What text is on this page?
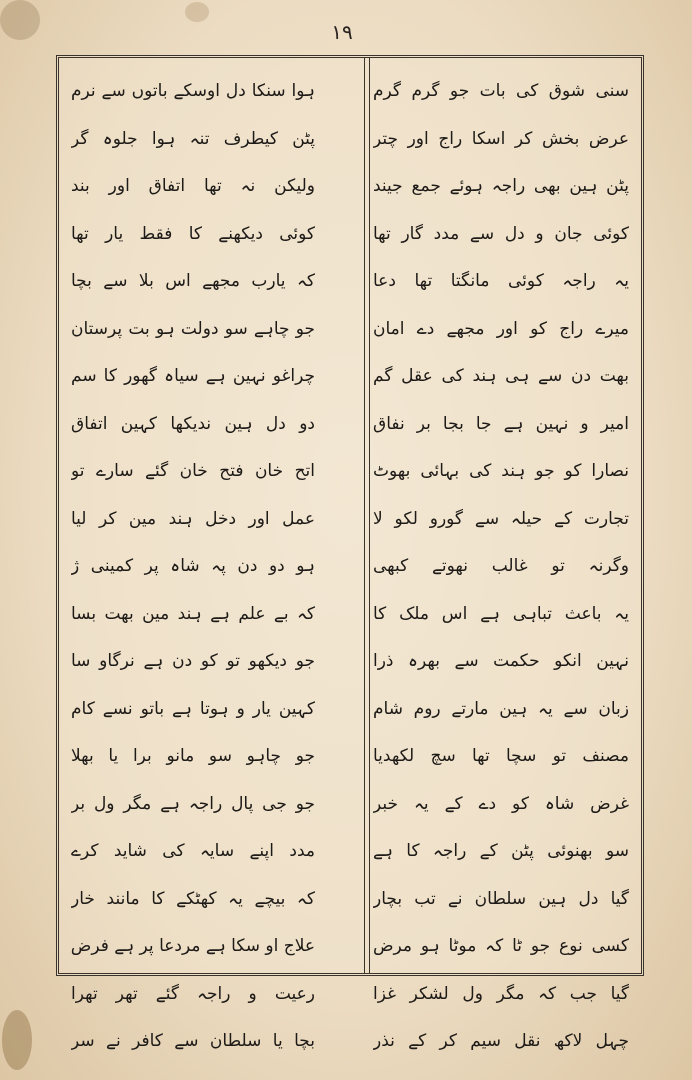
١٩
سنی شوق کی بات جو گرم گرم
عرض بخش کر اسکا راج اور چتر
پٹن ہین بھی راجہ ہوئے جمع جیند
کوئی جان و دل سے مدد گار تھا
یہ راجہ کوئی مانگتا تھا دعا
میرے راج کو اور مجھے دے امان
بھت دن سے ہی ہند کی عقل گم
امیر و نہین ہے جا بجا بر نفاق
نصارا کو جو ہند کی بہائی بھوٹ
تجارت کے حیلہ سے گورو لکو لا
وگرنہ تو غالب نھوتے کبھی
یہ باعث تباہی ہے اس ملک کا
نہین انکو حکمت سے بھرہ ذرا
زبان سے یہ ہین مارتے روم شام
مصنف تو سچا تھا سچ لکھدیا
غرض شاہ کو دے کے یہ خبر
سو بھنوئی پٹن کے راجہ کا ہے
گیا دل ہین سلطان نے تب بچار
کسی نوع جو ٹا کہ موٹا ہو مرض
گیا جب کہ مگر ول لشکر غزا
چہل لاکھ نقل سیم کر کے نذر
ہوا سنکا دل اوسکے باتوں سے نرم
پٹن کیطرف تنہ ہوا جلوہ گر
ولیکن نہ تھا اتفاق اور بند
کوئی دیکھنے کا فقط یار تھا
کہ یارب مجھے اس بلا سے بچا
جو چاہے سو دولت ہو بت پرستان
چراغو نہین ہے سیاہ گھور کا سم
دو دل ہین ندیکھا کہین اتفاق
اتح خان فتح خان گئے سارے تو
عمل اور دخل ہند مین کر لیا
ہو دو دن پہ شاہ پر کمینی ژ
کہ بے علم ہے ہند مین بھت بسا
جو دیکھو تو کو دن ہے نرگاو سا
کہین یار و ہوتا ہے باتو نسے کام
جو چاہو سو مانو برا یا بھلا
جو جی پال راجہ ہے مگر ول بر
مدد اپنے سایہ کی شاید کرے
کہ بیچے یہ کھٹکے کا مانند خار
علاج او سکا ہے مردعا پر ہے فرض
رعیت و راجہ گئے تھر تھرا
بچا یا سلطان سے کافر نے سر
